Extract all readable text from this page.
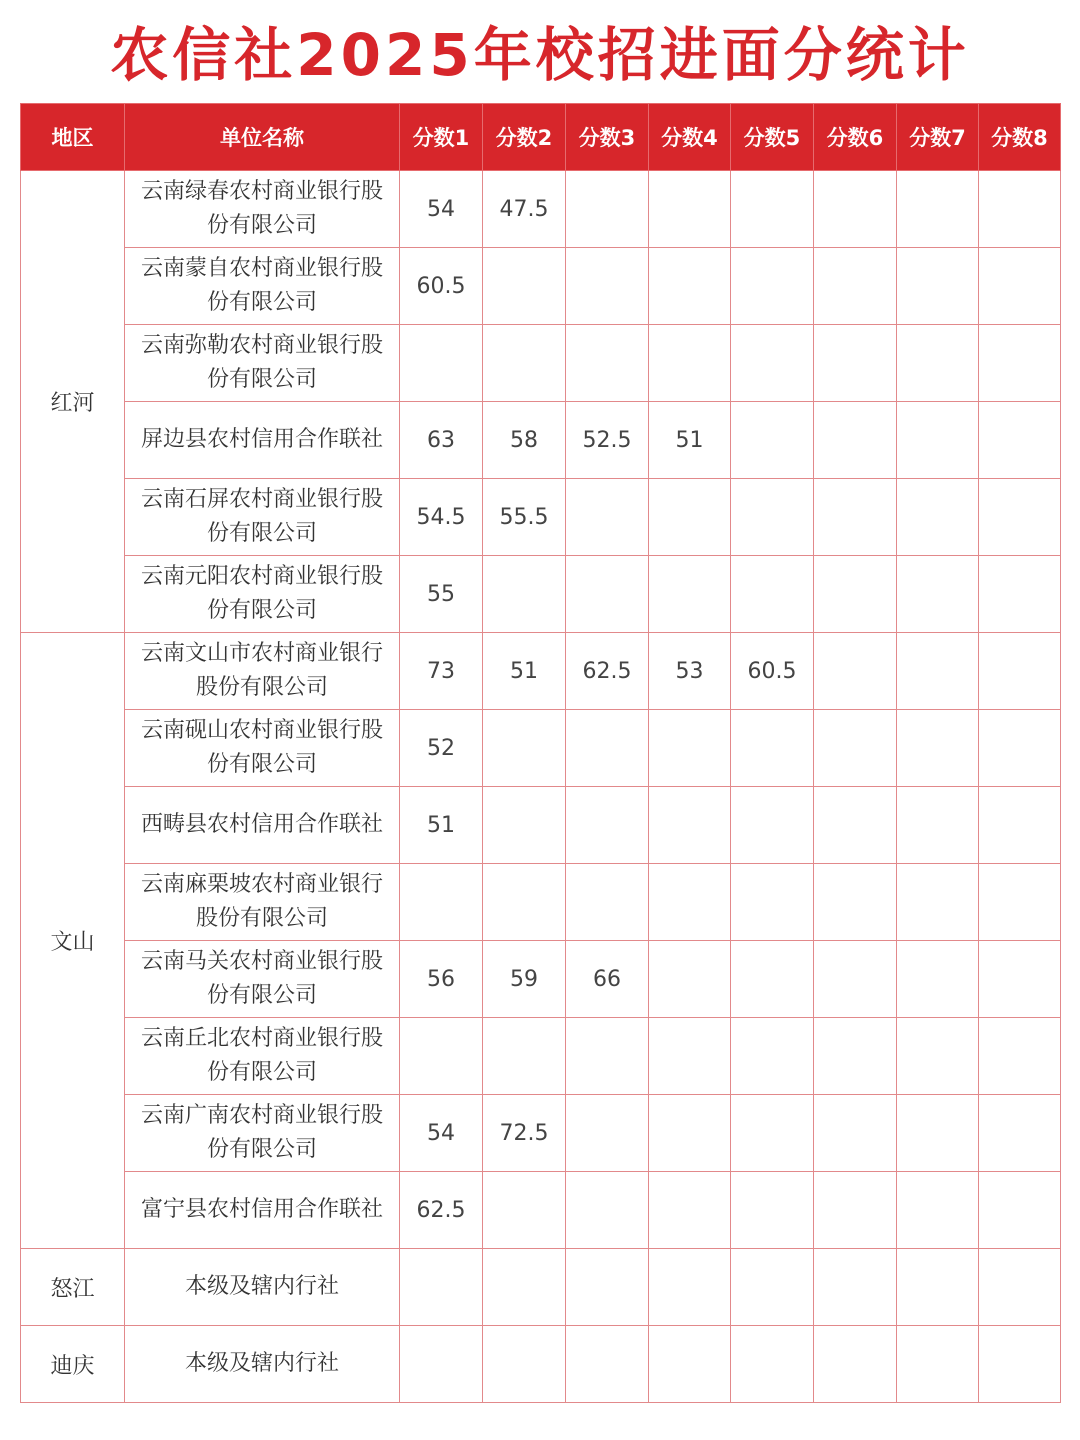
农信社2025年校招进面分统计
地区	单位名称	分数1	分数2	分数3	分数4	分数5	分数6	分数7	分数8
红河	云南绿春农村商业银行股份有限公司	54	47.5						
	云南蒙自农村商业银行股份有限公司	60.5							
	云南弥勒农村商业银行股份有限公司								
	屏边县农村信用合作联社	63	58	52.5	51				
	云南石屏农村商业银行股份有限公司	54.5	55.5						
	云南元阳农村商业银行股份有限公司	55							
文山	云南文山市农村商业银行股份有限公司	73	51	62.5	53	60.5			
	云南砚山农村商业银行股份有限公司	52							
	西畴县农村信用合作联社	51							
	云南麻栗坡农村商业银行股份有限公司								
	云南马关农村商业银行股份有限公司	56	59	66					
	云南丘北农村商业银行股份有限公司								
	云南广南农村商业银行股份有限公司	54	72.5						
	富宁县农村信用合作联社	62.5							
怒江	本级及辖内行社								
迪庆	本级及辖内行社								
